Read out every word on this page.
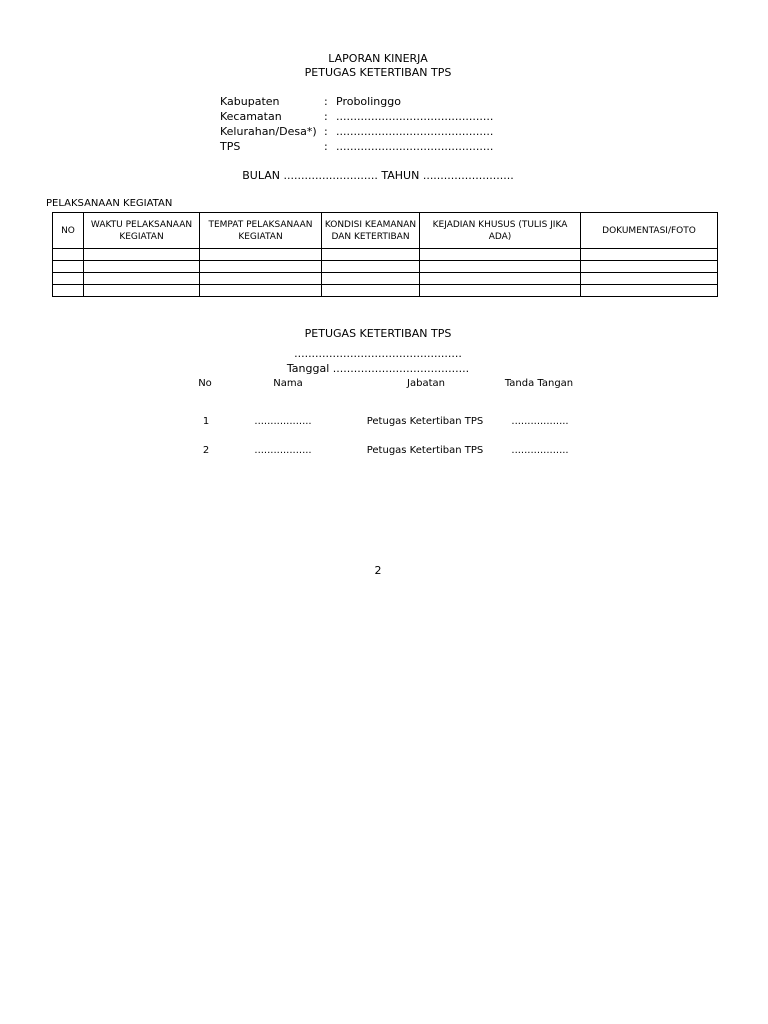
LAPORAN KINERJA
PETUGAS KETERTIBAN TPS
Kabupaten	: Probolinggo
Kecamatan	: .............................................
Kelurahan/Desa*) : .............................................
TPS	: .............................................
BULAN ........................... TAHUN ..........................
PELAKSANAAN KEGIATAN
NO	WAKTU PELAKSANAAN KEGIATAN	TEMPAT PELAKSANAAN KEGIATAN	KONDISI KEAMANAN DAN KETERTIBAN	KEJADIAN KHUSUS (TULIS JIKA ADA)	DOKUMENTASI/FOTO

PETUGAS KETERTIBAN TPS
................................................
Tanggal .......................................
No	Nama	Jabatan	Tanda Tangan
1	..................	Petugas Ketertiban TPS	..................
2	..................	Petugas Ketertiban TPS	..................
2
